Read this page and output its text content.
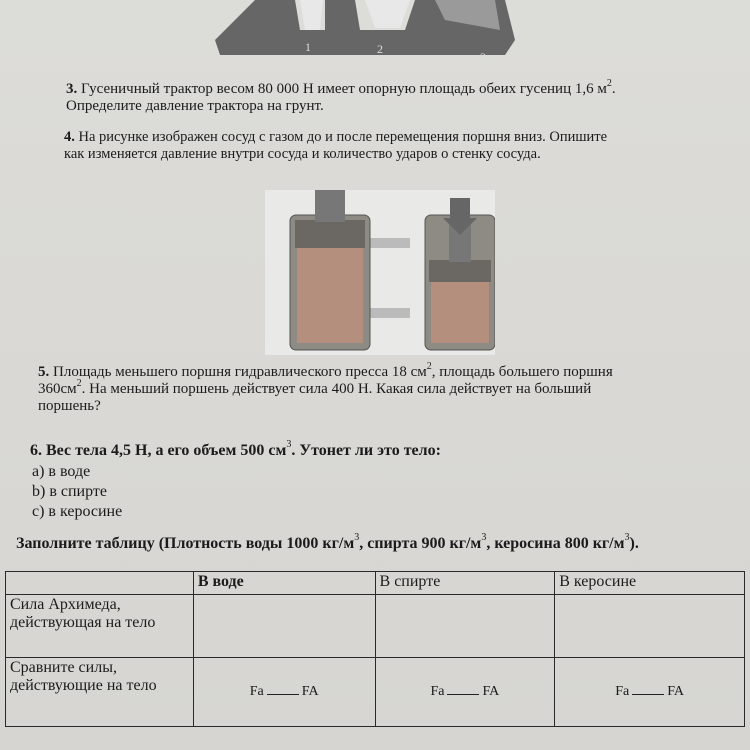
1	2
3
3. Гусеничный трактор весом 80 000 Н имеет опорную площадь обеих гусениц 1,6 $м^2$.
Определите давление трактора на грунт.
4. На рисунке изображен сосуд с газом до и после перемещения поршня вниз. Опишите
как изменяется давление внутри сосуда и количество ударов о стенку сосуда.
5. Площадь меньшего поршня гидравлического пресса 18 $см^2$, площадь большего поршня
$360см^2$. На меньший поршень действует сила 400 Н. Какая сила действует на больший
поршень?
6. Вес тела 4,5 Н, а его объем 500 $см^3$. Утонет ли это тело:
a) в воде
b) в спирте
c) в керосине
Заполните таблицу (Плотность воды 1000 $кг/м^3$, спирта 900 $кг/м^3$, керосина 800 $кг/м^3$).
	В воде	В спирте	В керосине
Сила Архимеда, действующая на тело			
Сравните силы, действующие на тело	Fa FA	Fa FA	Fa FA
